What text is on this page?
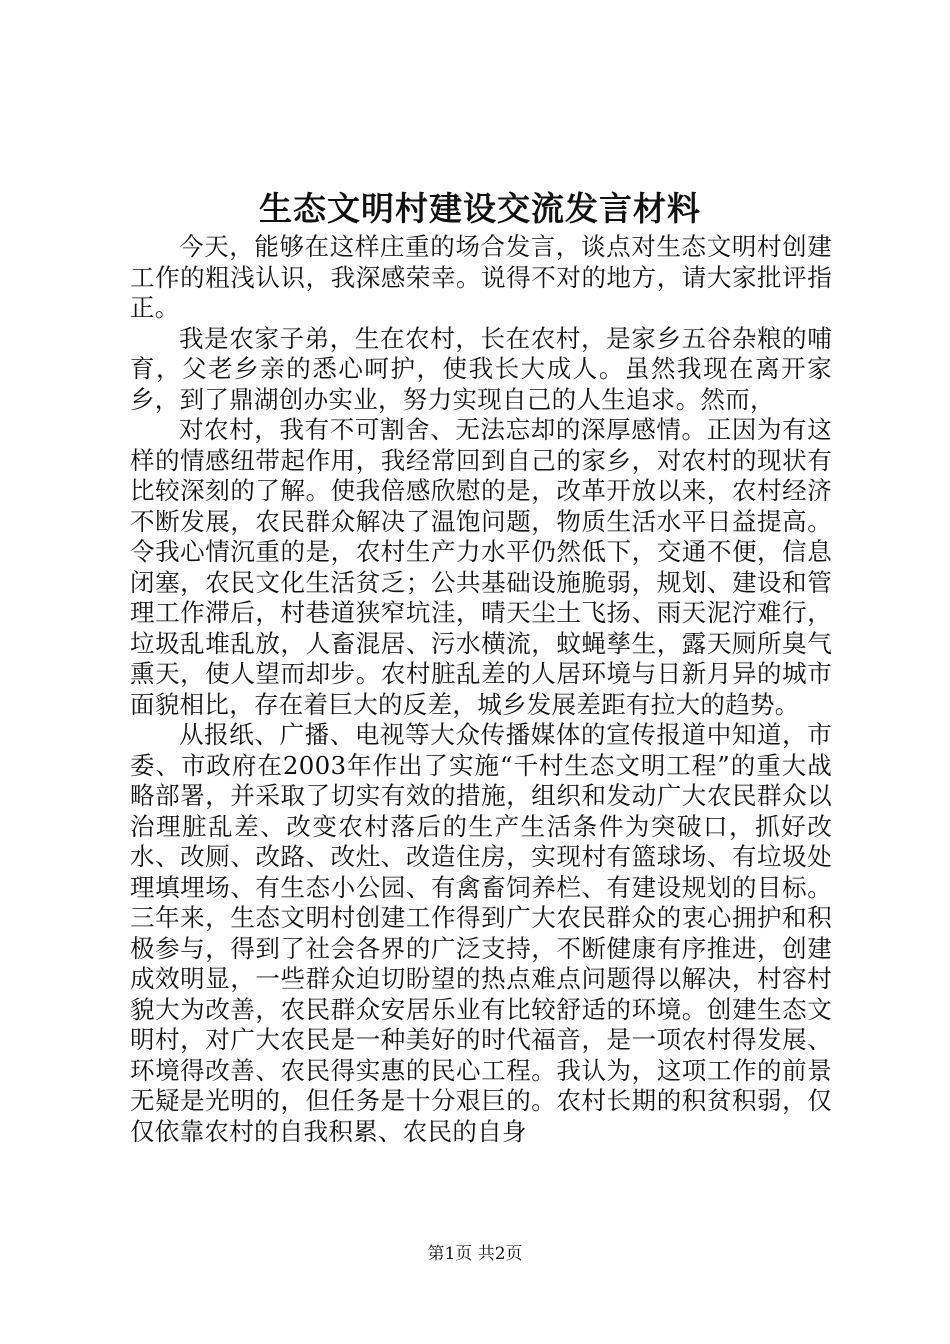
生态文明村建设交流发言材料

今天，能够在这样庄重的场合发言，谈点对生态文明村创建工作的粗浅认识，我深感荣幸。说得不对的地方，请大家批评指正。

我是农家子弟，生在农村，长在农村，是家乡五谷杂粮的哺育，父老乡亲的悉心呵护，使我长大成人。虽然我现在离开家乡，到了鼎湖创办实业，努力实现自己的人生追求。然而，

对农村，我有不可割舍、无法忘却的深厚感情。正因为有这样的情感纽带起作用，我经常回到自己的家乡，对农村的现状有比较深刻的了解。使我倍感欣慰的是，改革开放以来，农村经济不断发展，农民群众解决了温饱问题，物质生活水平日益提高。令我心情沉重的是，农村生产力水平仍然低下，交通不便，信息闭塞，农民文化生活贫乏；公共基础设施脆弱，规划、建设和管理工作滞后，村巷道狭窄坑洼，晴天尘土飞扬、雨天泥泞难行，垃圾乱堆乱放，人畜混居、污水横流，蚊蝇孳生，露天厕所臭气熏天，使人望而却步。农村脏乱差的人居环境与日新月异的城市面貌相比，存在着巨大的反差，城乡发展差距有拉大的趋势。

从报纸、广播、电视等大众传播媒体的宣传报道中知道，市委、市政府在2003年作出了实施“千村生态文明工程”的重大战略部署，并采取了切实有效的措施，组织和发动广大农民群众以治理脏乱差、改变农村落后的生产生活条件为突破口，抓好改水、改厕、改路、改灶、改造住房，实现村有篮球场、有垃圾处理填埋场、有生态小公园、有禽畜饲养栏、有建设规划的目标。三年来，生态文明村创建工作得到广大农民群众的衷心拥护和积极参与，得到了社会各界的广泛支持，不断健康有序推进，创建成效明显，一些群众迫切盼望的热点难点问题得以解决，村容村貌大为改善，农民群众安居乐业有比较舒适的环境。创建生态文明村，对广大农民是一种美好的时代福音，是一项农村得发展、环境得改善、农民得实惠的民心工程。我认为，这项工作的前景无疑是光明的，但任务是十分艰巨的。农村长期的积贫积弱，仅仅依靠农村的自我积累、农民的自身

第1页 共2页
